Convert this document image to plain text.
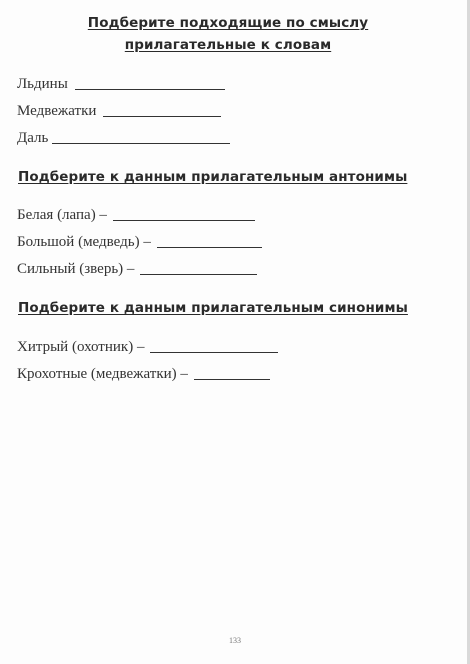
Подберите подходящие по смыслу
прилагательные к словам
Льдины
Медвежатки
Даль
Подберите к данным прилагательным антонимы
Белая (лапа) –
Большой (медведь) –
Сильный (зверь) –
Подберите к данным прилагательным синонимы
Хитрый (охотник) –
Крохотные (медвежатки) –
133
